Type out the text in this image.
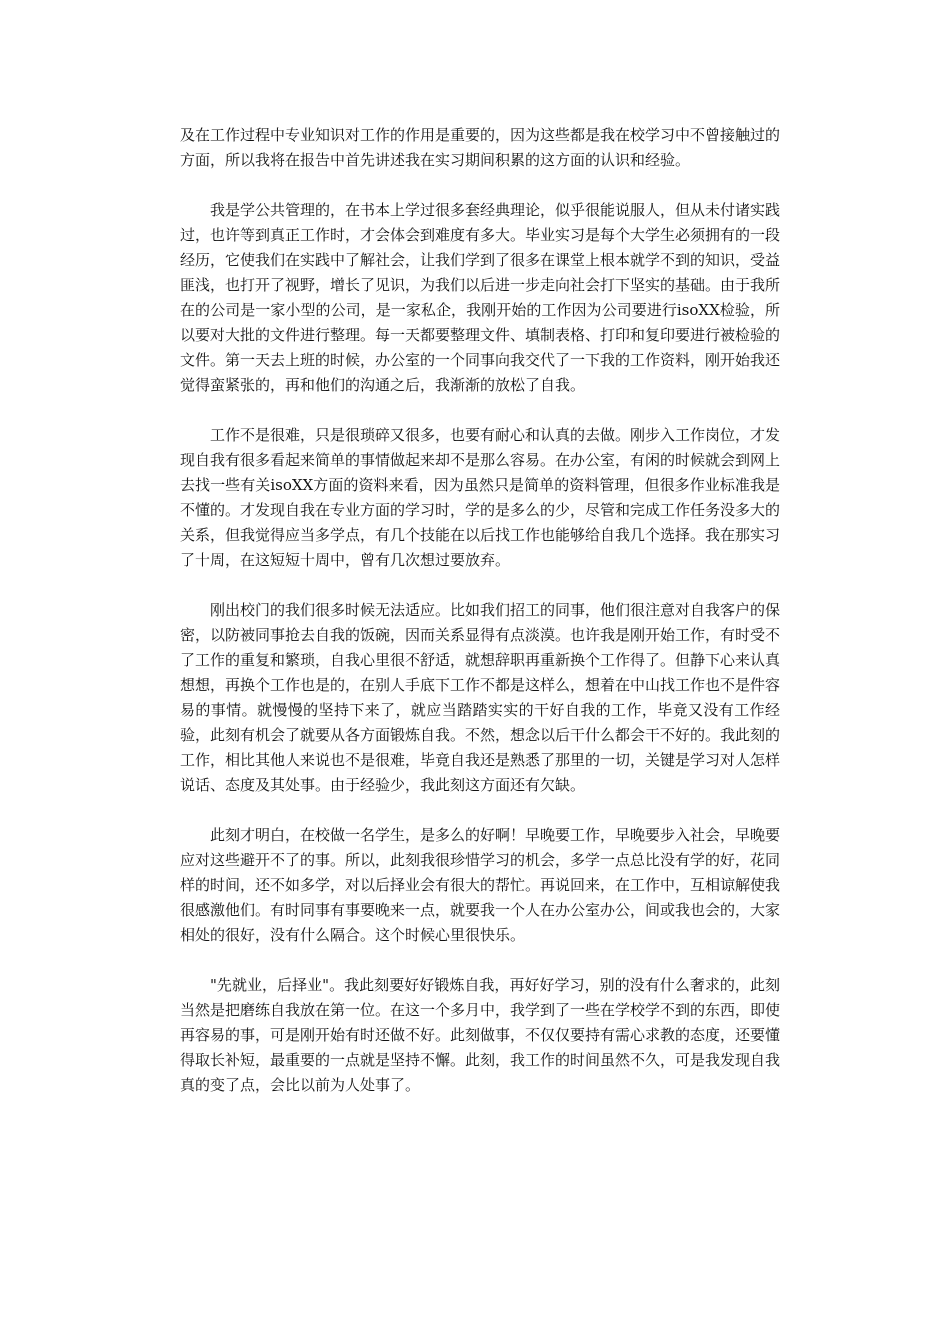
及在工作过程中专业知识对工作的作用是重要的，因为这些都是我在校学习中不曾接触过的方面，所以我将在报告中首先讲述我在实习期间积累的这方面的认识和经验。

我是学公共管理的，在书本上学过很多套经典理论，似乎很能说服人，但从未付诸实践过，也许等到真正工作时，才会体会到难度有多大。毕业实习是每个大学生必须拥有的一段经历，它使我们在实践中了解社会，让我们学到了很多在课堂上根本就学不到的知识，受益匪浅，也打开了视野，增长了见识，为我们以后进一步走向社会打下坚实的基础。由于我所在的公司是一家小型的公司，是一家私企，我刚开始的工作因为公司要进行isoXX检验，所以要对大批的文件进行整理。每一天都要整理文件、填制表格、打印和复印要进行被检验的文件。第一天去上班的时候，办公室的一个同事向我交代了一下我的工作资料，刚开始我还觉得蛮紧张的，再和他们的沟通之后，我渐渐的放松了自我。

工作不是很难，只是很琐碎又很多，也要有耐心和认真的去做。刚步入工作岗位，才发现自我有很多看起来简单的事情做起来却不是那么容易。在办公室，有闲的时候就会到网上去找一些有关isoXX方面的资料来看，因为虽然只是简单的资料管理，但很多作业标准我是不懂的。才发现自我在专业方面的学习时，学的是多么的少，尽管和完成工作任务没多大的关系，但我觉得应当多学点，有几个技能在以后找工作也能够给自我几个选择。我在那实习了十周，在这短短十周中，曾有几次想过要放弃。

刚出校门的我们很多时候无法适应。比如我们招工的同事，他们很注意对自我客户的保密，以防被同事抢去自我的饭碗，因而关系显得有点淡漠。也许我是刚开始工作，有时受不了工作的重复和繁琐，自我心里很不舒适，就想辞职再重新换个工作得了。但静下心来认真想想，再换个工作也是的，在别人手底下工作不都是这样么，想着在中山找工作也不是件容易的事情。就慢慢的坚持下来了，就应当踏踏实实的干好自我的工作，毕竟又没有工作经验，此刻有机会了就要从各方面锻炼自我。不然，想念以后干什么都会干不好的。我此刻的工作，相比其他人来说也不是很难，毕竟自我还是熟悉了那里的一切，关键是学习对人怎样说话、态度及其处事。由于经验少，我此刻这方面还有欠缺。

此刻才明白，在校做一名学生，是多么的好啊！早晚要工作，早晚要步入社会，早晚要应对这些避开不了的事。所以，此刻我很珍惜学习的机会，多学一点总比没有学的好，花同样的时间，还不如多学，对以后择业会有很大的帮忙。再说回来，在工作中，互相谅解使我很感激他们。有时同事有事要晚来一点，就要我一个人在办公室办公，间或我也会的，大家相处的很好，没有什么隔合。这个时候心里很快乐。

"先就业，后择业"。我此刻要好好锻炼自我，再好好学习，别的没有什么奢求的，此刻当然是把磨练自我放在第一位。在这一个多月中，我学到了一些在学校学不到的东西，即使再容易的事，可是刚开始有时还做不好。此刻做事，不仅仅要持有需心求教的态度，还要懂得取长补短，最重要的一点就是坚持不懈。此刻，我工作的时间虽然不久，可是我发现自我真的变了点，会比以前为人处事了。
